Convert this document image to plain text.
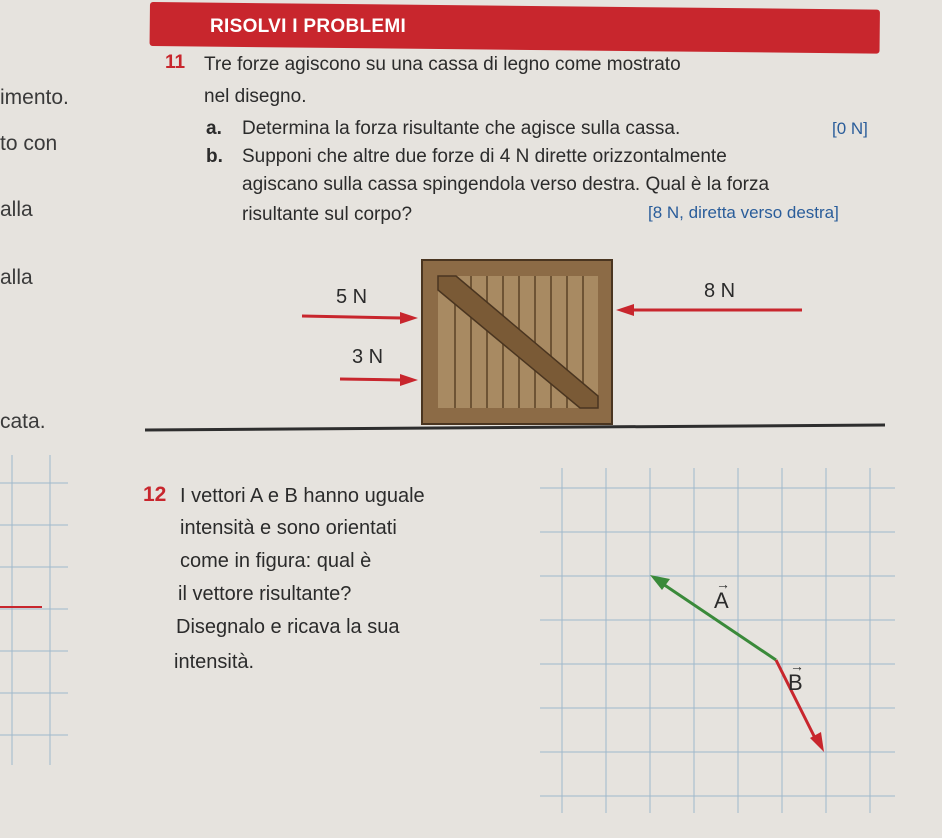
RISOLVI I PROBLEMI
imento.
to con
alla
alla
cata.
11 Tre forze agiscono su una cassa di legno come mostrato
nel disegno.
a. Determina la forza risultante che agisce sulla cassa.	[0 N]
b. Supponi che altre due forze di 4 N dirette orizzontalmente
agiscano sulla cassa spingendola verso destra. Qual è la forza
risultante sul corpo?	[8 N, diretta verso destra]
5 N
3 N
8 N
12 I vettori A e B hanno uguale
intensità e sono orientati
come in figura: qual è
il vettore risultante?
Disegnalo e ricava la sua
intensità.
→
A
→
B
